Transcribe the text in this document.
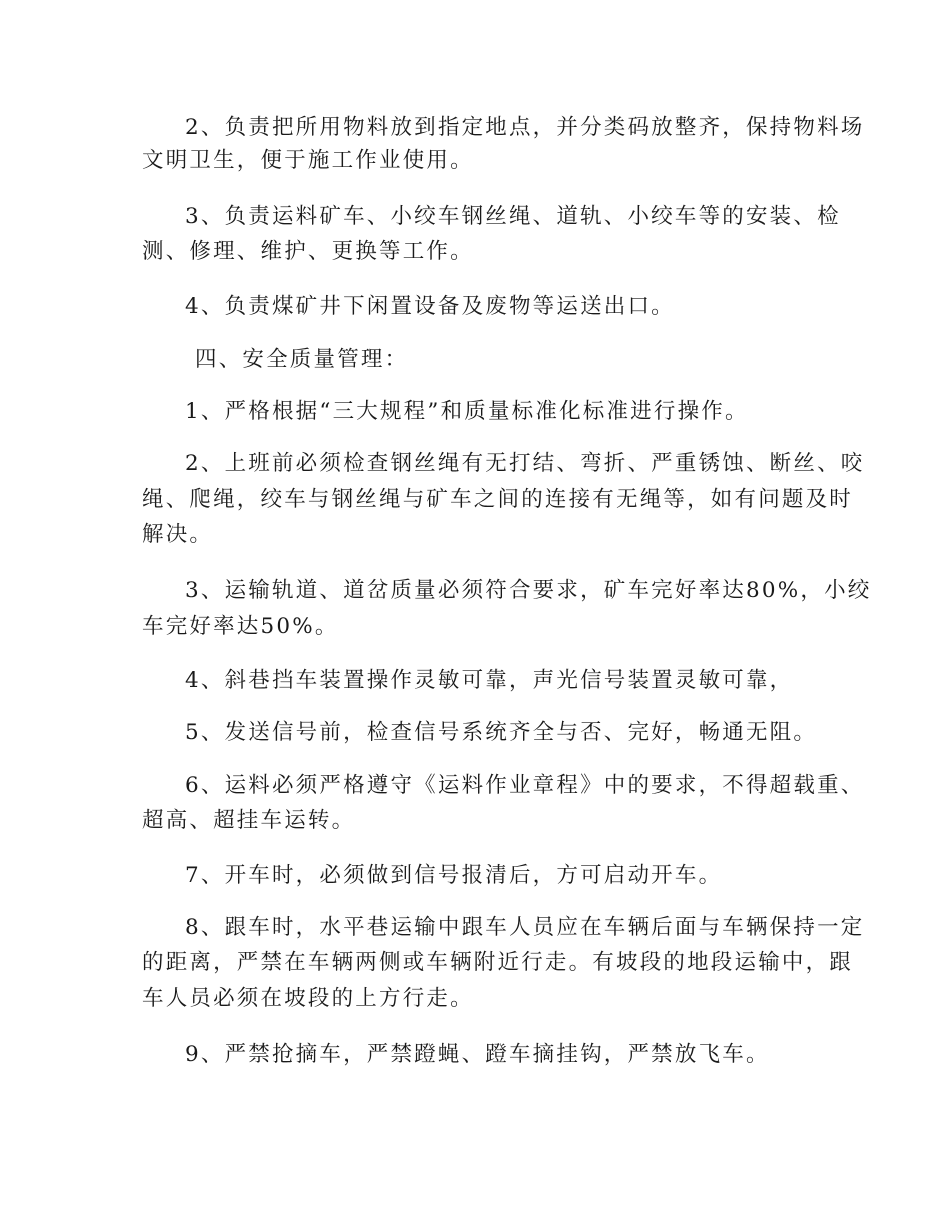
2、负责把所用物料放到指定地点，并分类码放整齐，保持物料场
文明卫生，便于施工作业使用。
3、负责运料矿车、小绞车钢丝绳、道轨、小绞车等的安装、检
测、修理、维护、更换等工作。
4、负责煤矿井下闲置设备及废物等运送出口。
四、安全质量管理：
1、严格根据“三大规程”和质量标准化标准进行操作。
2、上班前必须检查钢丝绳有无打结、弯折、严重锈蚀、断丝、咬
绳、爬绳，绞车与钢丝绳与矿车之间的连接有无绳等，如有问题及时
解决。
3、运输轨道、道岔质量必须符合要求，矿车完好率达80%，小绞
车完好率达50%。
4、斜巷挡车装置操作灵敏可靠，声光信号装置灵敏可靠，
5、发送信号前，检查信号系统齐全与否、完好，畅通无阻。
6、运料必须严格遵守《运料作业章程》中的要求，不得超载重、
超高、超挂车运转。
7、开车时，必须做到信号报清后，方可启动开车。
8、跟车时，水平巷运输中跟车人员应在车辆后面与车辆保持一定
的距离，严禁在车辆两侧或车辆附近行走。有坡段的地段运输中，跟
车人员必须在坡段的上方行走。
9、严禁抢摘车，严禁蹬蝇、蹬车摘挂钩，严禁放飞车。
